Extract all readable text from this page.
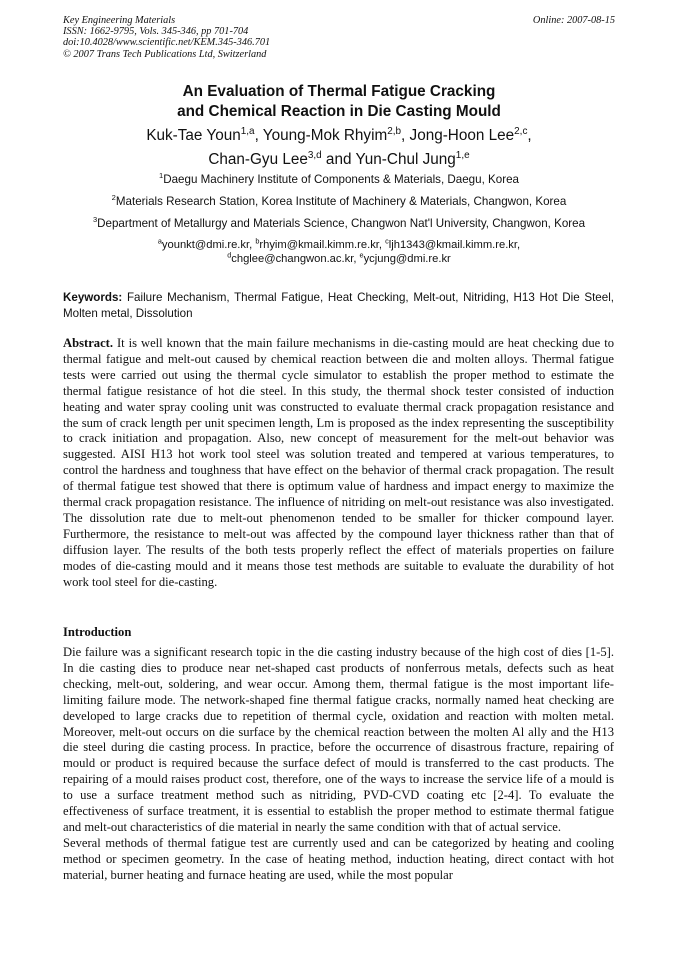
Key Engineering Materials
ISSN: 1662-9795, Vols. 345-346, pp 701-704
doi:10.4028/www.scientific.net/KEM.345-346.701
© 2007 Trans Tech Publications Ltd, Switzerland
Online: 2007-08-15
An Evaluation of Thermal Fatigue Cracking
and Chemical Reaction in Die Casting Mould
Kuk-Tae Youn$^{1,a}$, Young-Mok Rhyim$^{2,b}$, Jong-Hoon Lee$^{2,c}$,
Chan-Gyu Lee$^{3,d}$ and Yun-Chul Jung$^{1,e}$
$^1$Daegu Machinery Institute of Components & Materials, Daegu, Korea
$^2$Materials Research Station, Korea Institute of Machinery & Materials, Changwon, Korea
$^3$Department of Metallurgy and Materials Science, Changwon Nat'l University, Changwon, Korea
$^a$younkt@dmi.re.kr, $^b$rhyim@kmail.kimm.re.kr, $^c$ljh1343@kmail.kimm.re.kr,
$^d$chglee@changwon.ac.kr, $^e$ycjung@dmi.re.kr
Keywords: Failure Mechanism, Thermal Fatigue, Heat Checking, Melt-out, Nitriding, H13 Hot Die Steel, Molten metal, Dissolution
Abstract. It is well known that the main failure mechanisms in die-casting mould are heat checking due to thermal fatigue and melt-out caused by chemical reaction between die and molten alloys. Thermal fatigue tests were carried out using the thermal cycle simulator to establish the proper method to estimate the thermal fatigue resistance of hot die steel. In this study, the thermal shock tester consisted of induction heating and water spray cooling unit was constructed to evaluate thermal crack propagation resistance and the sum of crack length per unit specimen length, Lm is proposed as the index representing the susceptibility to crack initiation and propagation. Also, new concept of measurement for the melt-out behavior was suggested. AISI H13 hot work tool steel was solution treated and tempered at various temperatures, to control the hardness and toughness that have effect on the behavior of thermal crack propagation. The result of thermal fatigue test showed that there is optimum value of hardness and impact energy to maximize the thermal crack propagation resistance. The influence of nitriding on melt-out resistance was also investigated. The dissolution rate due to melt-out phenomenon tended to be smaller for thicker compound layer. Furthermore, the resistance to melt-out was affected by the compound layer thickness rather than that of diffusion layer. The results of the both tests properly reflect the effect of materials properties on failure modes of die-casting mould and it means those test methods are suitable to evaluate the durability of hot work tool steel for die-casting.
Introduction

Die failure was a significant research topic in the die casting industry because of the high cost of dies [1-5]. In die casting dies to produce near net-shaped cast products of nonferrous metals, defects such as heat checking, melt-out, soldering, and wear occur. Among them, thermal fatigue is the most important life-limiting failure mode. The network-shaped fine thermal fatigue cracks, normally named heat checking are developed to large cracks due to repetition of thermal cycle, oxidation and reaction with molten metal. Moreover, melt-out occurs on die surface by the chemical reaction between the molten Al ally and the H13 die steel during die casting process. In practice, before the occurrence of disastrous fracture, repairing of mould or product is required because the surface defect of mould is transferred to the cast products. The repairing of a mould raises product cost, therefore, one of the ways to increase the service life of a mould is to use a surface treatment method such as nitriding, PVD-CVD coating etc [2-4]. To evaluate the effectiveness of surface treatment, it is essential to establish the proper method to estimate thermal fatigue and melt-out characteristics of die material in nearly the same condition with that of actual service.

Several methods of thermal fatigue test are currently used and can be categorized by heating and cooling method or specimen geometry. In the case of heating method, induction heating, direct contact with hot material, burner heating and furnace heating are used, while the most popular
